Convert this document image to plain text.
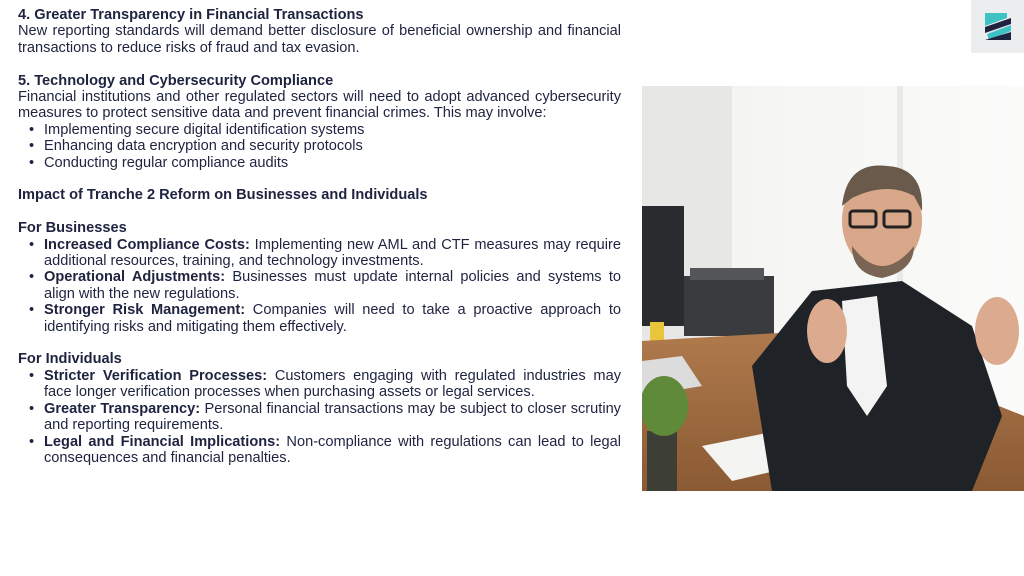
4. Greater Transparency in Financial Transactions

New reporting standards will demand better disclosure of beneficial ownership and financial transactions to reduce risks of fraud and tax evasion.

5. Technology and Cybersecurity Compliance

Financial institutions and other regulated sectors will need to adopt advanced cybersecurity measures to protect sensitive data and prevent financial crimes. This may involve:

• Implementing secure digital identification systems
• Enhancing data encryption and security protocols
• Conducting regular compliance audits

Impact of Tranche 2 Reform on Businesses and Individuals

For Businesses

• Increased Compliance Costs: Implementing new AML and CTF measures may require additional resources, training, and technology investments.
• Operational Adjustments: Businesses must update internal policies and systems to align with the new regulations.
• Stronger Risk Management: Companies will need to take a proactive approach to identifying risks and mitigating them effectively.

For Individuals

• Stricter Verification Processes: Customers engaging with regulated industries may face longer verification processes when purchasing assets or legal services.
• Greater Transparency: Personal financial transactions may be subject to closer scrutiny and reporting requirements.
• Legal and Financial Implications: Non-compliance with regulations can lead to legal consequences and financial penalties.
